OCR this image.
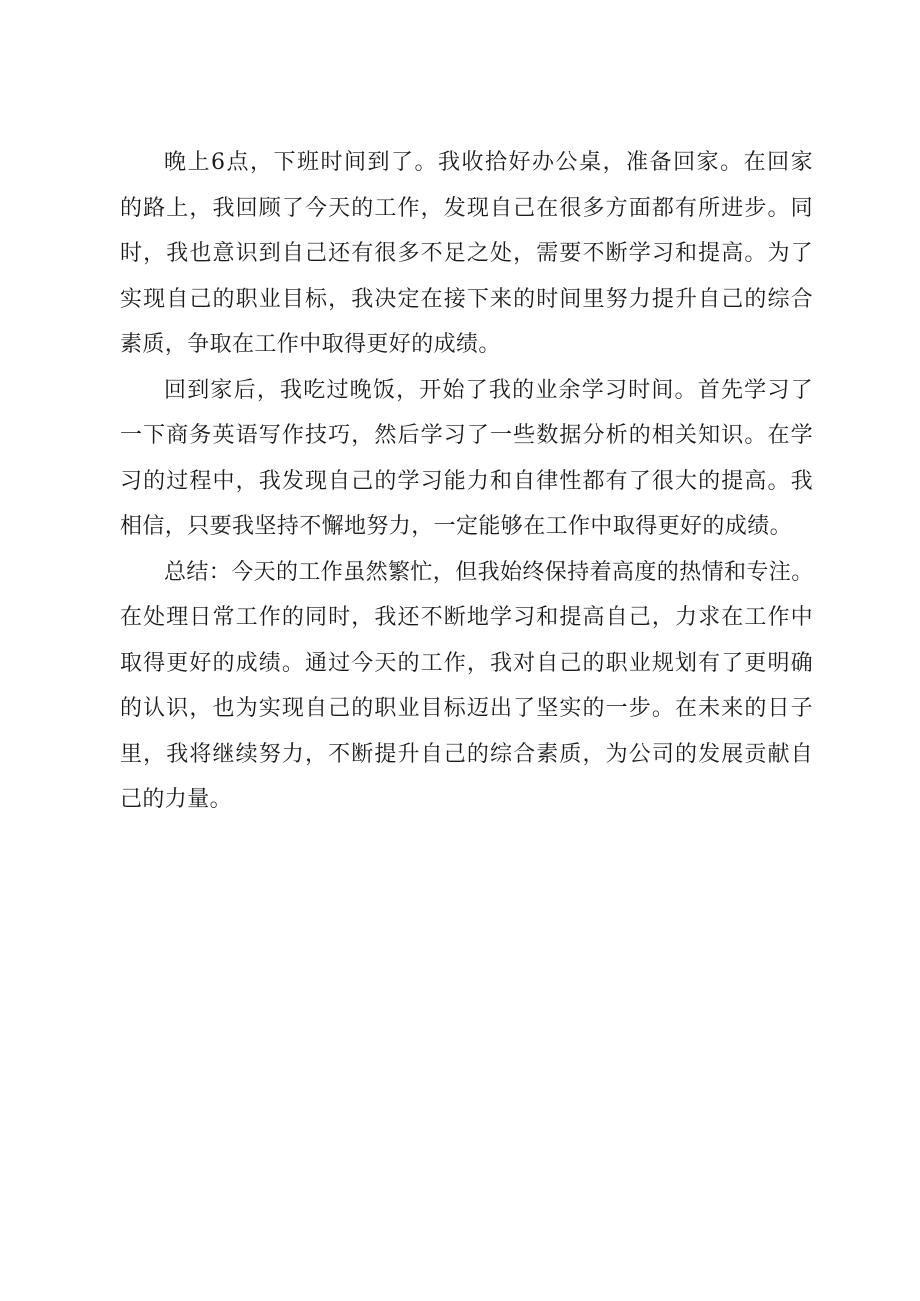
晚上6点，下班时间到了。我收拾好办公桌，准备回家。在回家
的路上，我回顾了今天的工作，发现自己在很多方面都有所进步。同
时，我也意识到自己还有很多不足之处，需要不断学习和提高。为了
实现自己的职业目标，我决定在接下来的时间里努力提升自己的综合
素质，争取在工作中取得更好的成绩。

回到家后，我吃过晚饭，开始了我的业余学习时间。首先学习了
一下商务英语写作技巧，然后学习了一些数据分析的相关知识。在学
习的过程中，我发现自己的学习能力和自律性都有了很大的提高。我
相信，只要我坚持不懈地努力，一定能够在工作中取得更好的成绩。

总结：今天的工作虽然繁忙，但我始终保持着高度的热情和专注。
在处理日常工作的同时，我还不断地学习和提高自己，力求在工作中
取得更好的成绩。通过今天的工作，我对自己的职业规划有了更明确
的认识，也为实现自己的职业目标迈出了坚实的一步。在未来的日子
里，我将继续努力，不断提升自己的综合素质，为公司的发展贡献自
己的力量。
